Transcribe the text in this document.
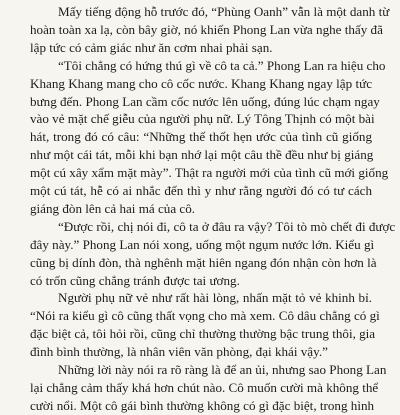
Mấy tiếng động hỗ trước đó, “Phùng Oanh” vẫn là một danh từ
hoàn toàn xa lạ, còn bây giờ, nó khiến Phong Lan vừa nghe thấy đã
lập tức có cảm giác như ăn cơm nhai phải sạn.
“Tôi chẳng có hứng thú gì về cô ta cả.” Phong Lan ra hiệu cho
Khang Khang mang cho cô cốc nước. Khang Khang ngay lập tức
bưng đến. Phong Lan cầm cốc nước lên uống, đúng lúc chạm ngay
vào vẻ mặt chế giễu của người phụ nữ. Lý Tông Thịnh có một bài
hát, trong đó có câu: “Những thế thốt hẹn ước của tình cũ giống
như một cái tát, mỗi khi bạn nhớ lại một câu thề đều như bị giáng
một cú xây xẩm mặt mày”. Thật ra người mới của tình cũ mới giống
một cú tát, hễ có ai nhắc đến thì y như rằng người đó có tư cách
giáng đòn lên cả hai má của cô.
“Được rồi, chị nói đi, cô ta ở đâu ra vậy? Tôi tò mò chết đi được
đây này.” Phong Lan nói xong, uống một ngụm nước lớn. Kiểu gì
cũng bị dính đòn, thà nghênh mặt hiên ngang đón nhận còn hơn là
có trốn cũng chẳng tránh được tai ương.
Người phụ nữ vẻ như rất hài lòng, nhấn mặt tỏ vẻ khinh bỉ.
“Nói ra kiểu gì cô cũng thất vọng cho mà xem. Cô dâu chẳng có gì
đặc biệt cả, tôi hỏi rồi, cũng chỉ thường thường bậc trung thôi, gia
đình bình thường, là nhân viên văn phòng, đại khái vậy.”
Những lời này nói ra rõ ràng là để an ủi, nhưng sao Phong Lan
lại chẳng cảm thấy khá hơn chút nào. Cô muốn cười mà không thể
cười nổi. Một cô gái bình thường không có gì đặc biệt, trong hình
